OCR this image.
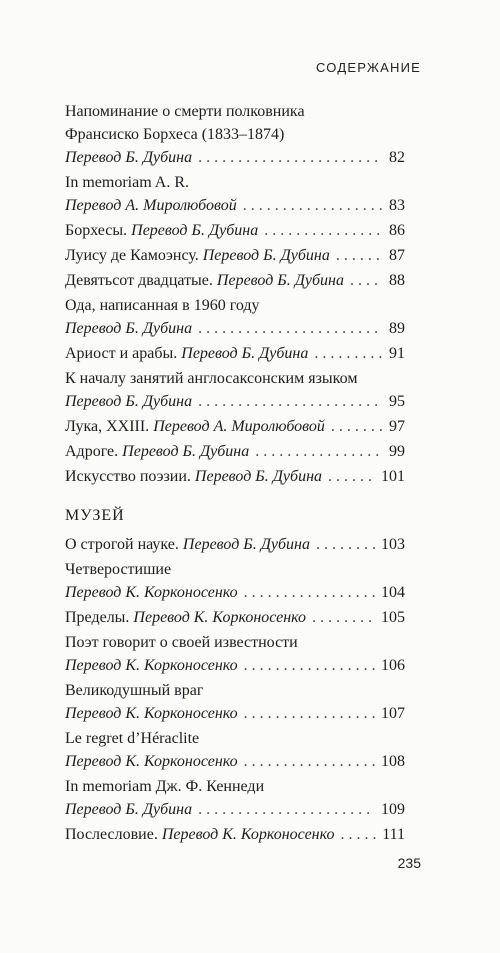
СОДЕРЖАНИЕ
Напоминание о смерти полковника
Франсиско Борхеса (1833–1874)
Перевод Б. Дубина . . .	82
In memoriam A. R.
Перевод А. Миролюбовой . . .	83
Борхесы.
Перевод Б. Дубина . . .	86
Луису де Камоэнсу.
Перевод Б. Дубина . . .	87
Девятьсот двадцатые.
Перевод Б. Дубина . . .	88
Ода, написанная в 1960 году
Перевод Б. Дубина . . .	89
Ариост и арабы.
Перевод Б. Дубина . . .	91
К началу занятий англосаксонским языком
Перевод Б. Дубина . . .	95
Лука, XXIII.
Перевод А. Миролюбовой . . .	97
Адроге.
Перевод Б. Дубина . . .	99
Искусство поэзии.
Перевод Б. Дубина . . .	101
МУЗЕЙ
О строгой науке.
Перевод Б. Дубина . . .	103
Четверостишие
Перевод К. Корконосенко . . .	104
Пределы.
Перевод К. Корконосенко . . .	105
Поэт говорит о своей известности
Перевод К. Корконосенко . . .	106
Великодушный враг
Перевод К. Корконосенко . . .	107
Le regret d’Héraclite
Перевод К. Корконосенко . . .	108
In memoriam Дж. Ф. Кеннеди
Перевод Б. Дубина . . .	109
Послесловие.
Перевод К. Корконосенко . . .	111
235
